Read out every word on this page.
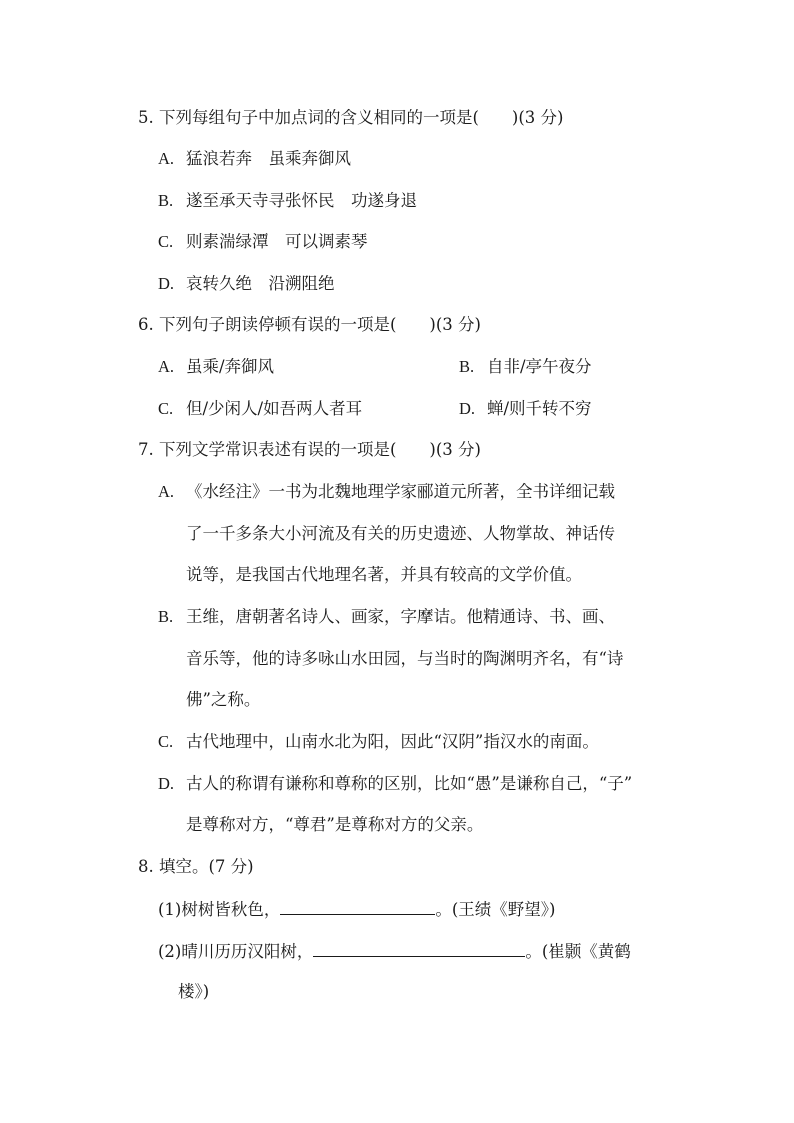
5. 下列每组句子中加点词的含义相同的一项是(　　)(3 分)
A. 猛浪若奔　虽乘奔御风
B. 遂至承天寺寻张怀民　功遂身退
C. 则素湍绿潭　可以调素琴
D. 哀转久绝　沿溯阻绝
6. 下列句子朗读停顿有误的一项是(　　)(3 分)
A. 虽乘/奔御风	B. 自非/亭午夜分
C. 但/少闲人/如吾两人者耳	D. 蝉/则千转不穷
7. 下列文学常识表述有误的一项是(　　)(3 分)
A. 《水经注》一书为北魏地理学家郦道元所著，全书详细记载
了一千多条大小河流及有关的历史遗迹、人物掌故、神话传
说等，是我国古代地理名著，并具有较高的文学价值。
B. 王维，唐朝著名诗人、画家，字摩诘。他精通诗、书、画、
音乐等，他的诗多咏山水田园，与当时的陶渊明齐名，有“诗
佛”之称。
C. 古代地理中，山南水北为阳，因此“汉阴”指汉水的南面。
D. 古人的称谓有谦称和尊称的区别，比如“愚”是谦称自己，“子”
是尊称对方，“尊君”是尊称对方的父亲。
8. 填空。(7 分)
(1)树树皆秋色，	。(王绩《野望》)
(2)晴川历历汉阳树，	。(崔颢《黄鹤
楼》)
